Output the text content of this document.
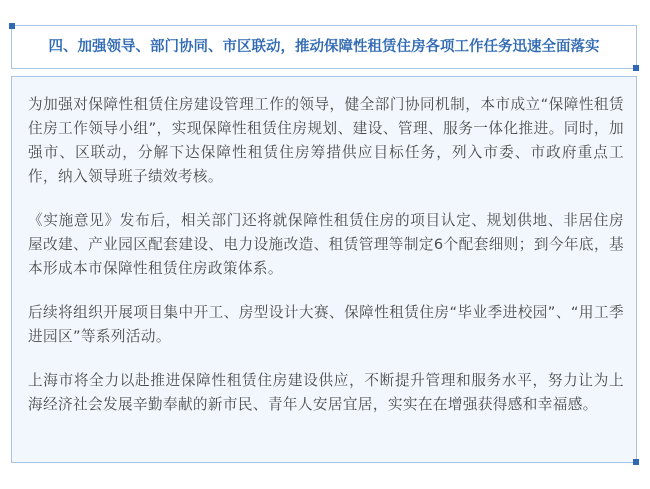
四、加强领导、部门协同、市区联动，推动保障性租赁住房各项工作任务迅速全面落实

为加强对保障性租赁住房建设管理工作的领导，健全部门协同机制，本市成立“保障性租赁住房工作领导小组”，实现保障性租赁住房规划、建设、管理、服务一体化推进。同时，加强市、区联动，分解下达保障性租赁住房筹措供应目标任务，列入市委、市政府重点工作，纳入领导班子绩效考核。

《实施意见》发布后，相关部门还将就保障性租赁住房的项目认定、规划供地、非居住房屋改建、产业园区配套建设、电力设施改造、租赁管理等制定6个配套细则；到今年底，基本形成本市保障性租赁住房政策体系。

后续将组织开展项目集中开工、房型设计大赛、保障性租赁住房“毕业季进校园”、“用工季进园区”等系列活动。

上海市将全力以赴推进保障性租赁住房建设供应，不断提升管理和服务水平，努力让为上海经济社会发展辛勤奉献的新市民、青年人安居宜居，实实在在增强获得感和幸福感。
